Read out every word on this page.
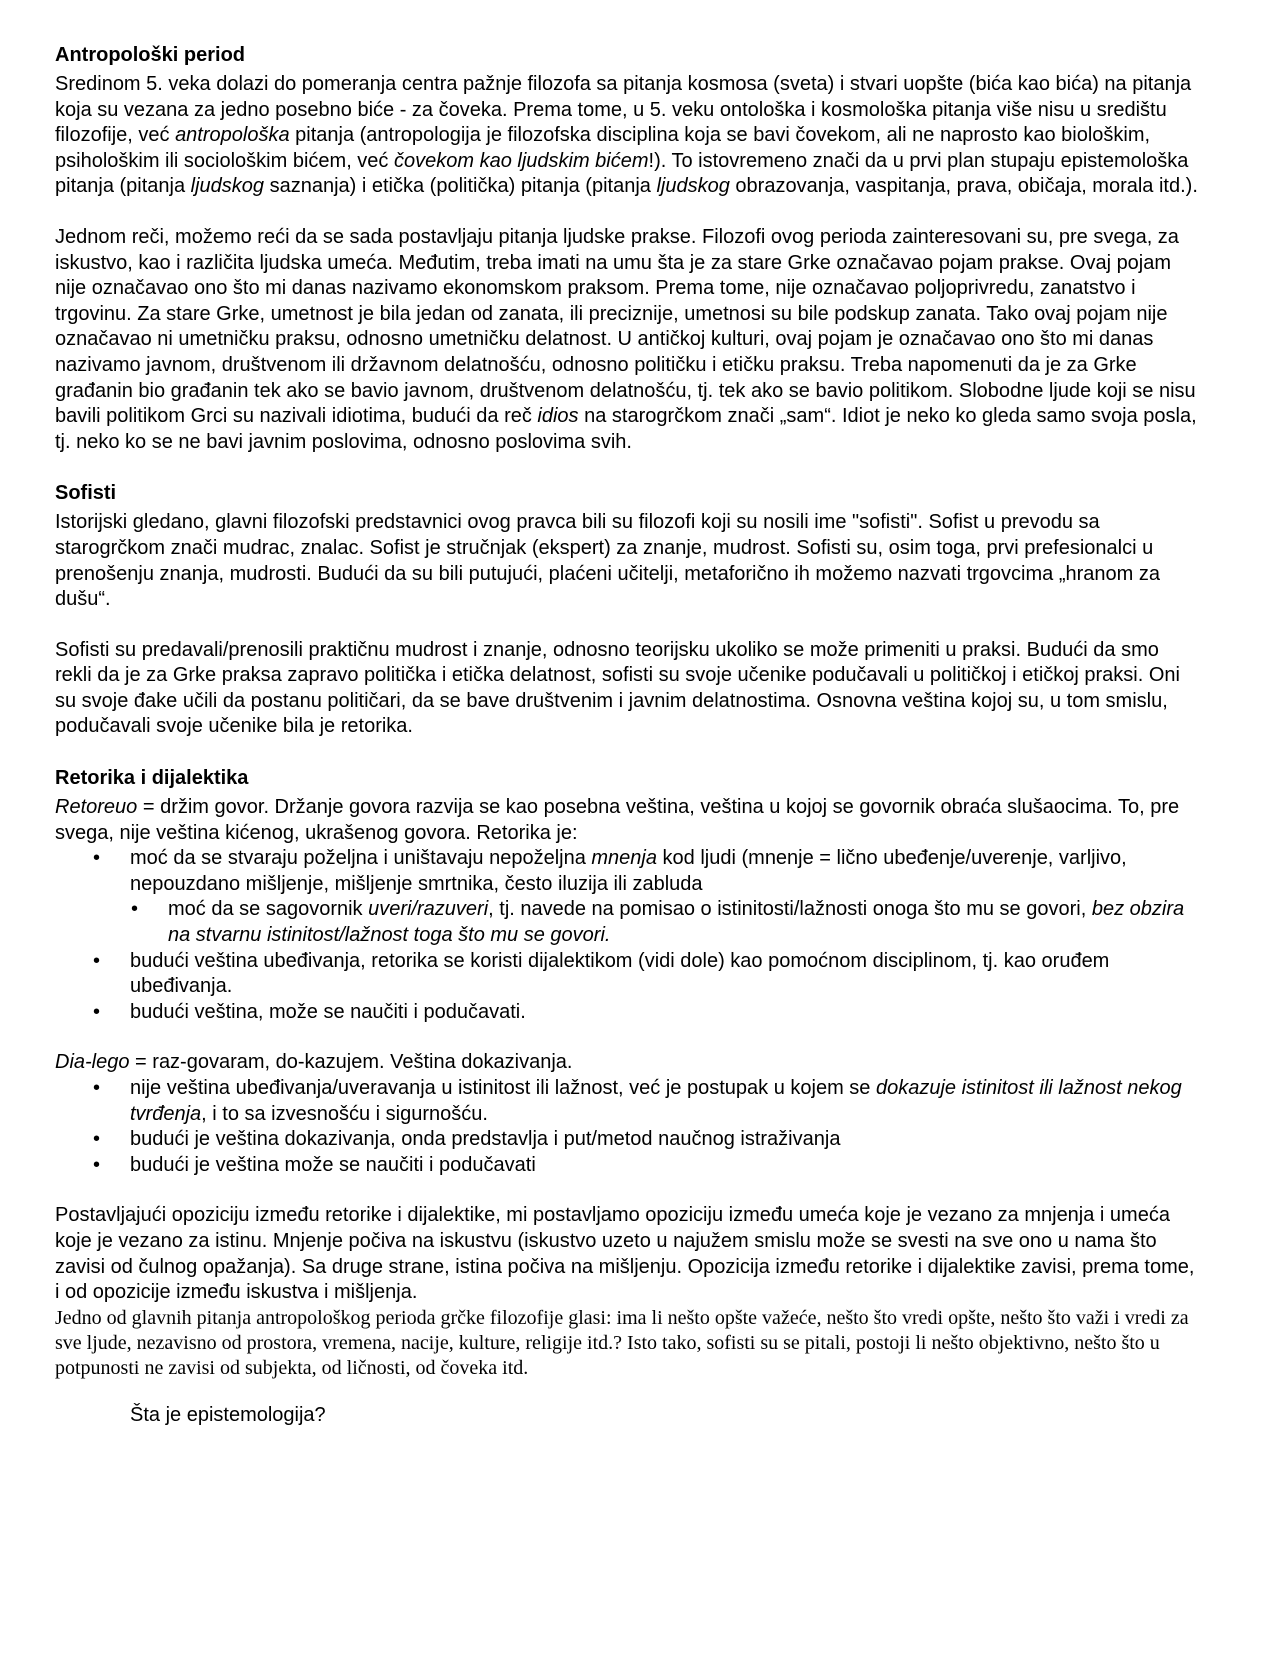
Antropološki period

Sredinom 5. veka dolazi do pomeranja centra pažnje filozofa sa pitanja kosmosa (sveta) i stvari uopšte (bića kao bića) na pitanja koja su vezana za jedno posebno biće - za čoveka. Prema tome, u 5. veku ontološka i kosmološka pitanja više nisu u središtu filozofije, već antropološka pitanja (antropologija je filozofska disciplina koja se bavi čovekom, ali ne naprosto kao biološkim, psihološkim ili sociološkim bićem, već čovekom kao ljudskim bićem!). To istovremeno znači da u prvi plan stupaju epistemološka pitanja (pitanja ljudskog saznanja) i etička (politička) pitanja (pitanja ljudskog obrazovanja, vaspitanja, prava, običaja, morala itd.).

Jednom reči, možemo reći da se sada postavljaju pitanja ljudske prakse. Filozofi ovog perioda zainteresovani su, pre svega, za iskustvo, kao i različita ljudska umeća. Međutim, treba imati na umu šta je za stare Grke označavao pojam prakse. Ovaj pojam nije označavao ono što mi danas nazivamo ekonomskom praksom. Prema tome, nije označavao poljoprivredu, zanatstvo i trgovinu. Za stare Grke, umetnost je bila jedan od zanata, ili preciznije, umetnosi su bile podskup zanata. Tako ovaj pojam nije označavao ni umetničku praksu, odnosno umetničku delatnost. U antičkoj kulturi, ovaj pojam je označavao ono što mi danas nazivamo javnom, društvenom ili državnom delatnošću, odnosno političku i etičku praksu. Treba napomenuti da je za Grke građanin bio građanin tek ako se bavio javnom, društvenom delatnošću, tj. tek ako se bavio politikom. Slobodne ljude koji se nisu bavili politikom Grci su nazivali idiotima, budući da reč idios na starogrčkom znači „sam“. Idiot je neko ko gleda samo svoja posla, tj. neko ko se ne bavi javnim poslovima, odnosno poslovima svih.

Sofisti

Istorijski gledano, glavni filozofski predstavnici ovog pravca bili su filozofi koji su nosili ime "sofisti". Sofist u prevodu sa starogrčkom znači mudrac, znalac. Sofist je stručnjak (ekspert) za znanje, mudrost. Sofisti su, osim toga, prvi prefesionalci u prenošenju znanja, mudrosti. Budući da su bili putujući, plaćeni učitelji, metaforično ih možemo nazvati trgovcima „hranom za dušu“.

Sofisti su predavali/prenosili praktičnu mudrost i znanje, odnosno teorijsku ukoliko se može primeniti u praksi. Budući da smo rekli da je za Grke praksa zapravo politička i etička delatnost, sofisti su svoje učenike podučavali u političkoj i etičkoj praksi. Oni su svoje đake učili da postanu političari, da se bave društvenim i javnim delatnostima. Osnovna veština kojoj su, u tom smislu, podučavali svoje učenike bila je retorika.

Retorika i dijalektika

Retoreuo = držim govor. Držanje govora razvija se kao posebna veština, veština u kojoj se govornik obraća slušaocima. To, pre svega, nije veština kićenog, ukrašenog govora. Retorika je:

• moć da se stvaraju poželjna i uništavaju nepoželjna mnenja kod ljudi (mnenje = lično ubeđenje/uverenje, varljivo, nepouzdano mišljenje, mišljenje smrtnika, često iluzija ili zabluda
• moć da se sagovornik uveri/razuveri, tj. navede na pomisao o istinitosti/lažnosti onoga što mu se govori, bez obzira na stvarnu istinitost/lažnost toga što mu se govori.
• budući veština ubeđivanja, retorika se koristi dijalektikom (vidi dole) kao pomoćnom disciplinom, tj. kao oruđem ubeđivanja.
• budući veština, može se naučiti i podučavati.

Dia-lego = raz-govaram, do-kazujem. Veština dokazivanja.

• nije veština ubeđivanja/uveravanja u istinitost ili lažnost, već je postupak u kojem se dokazuje istinitost ili lažnost nekog tvrđenja, i to sa izvesnošću i sigurnošću.
• budući je veština dokazivanja, onda predstavlja i put/metod naučnog istraživanja
• budući je veština može se naučiti i podučavati

Postavljajući opoziciju između retorike i dijalektike, mi postavljamo opoziciju između umeća koje je vezano za mnjenja i umeća koje je vezano za istinu. Mnjenje počiva na iskustvu (iskustvo uzeto u najužem smislu može se svesti na sve ono u nama što zavisi od čulnog opažanja). Sa druge strane, istina počiva na mišljenju. Opozicija između retorike i dijalektike zavisi, prema tome, i od opozicije između iskustva i mišljenja.

Jedno od glavnih pitanja antropološkog perioda grčke filozofije glasi: ima li nešto opšte važeće, nešto što vredi opšte, nešto što važi i vredi za sve ljude, nezavisno od prostora, vremena, nacije, kulture, religije itd.? Isto tako, sofisti su se pitali, postoji li nešto objektivno, nešto što u potpunosti ne zavisi od subjekta, od ličnosti, od čoveka itd.

Šta je epistemologija?
